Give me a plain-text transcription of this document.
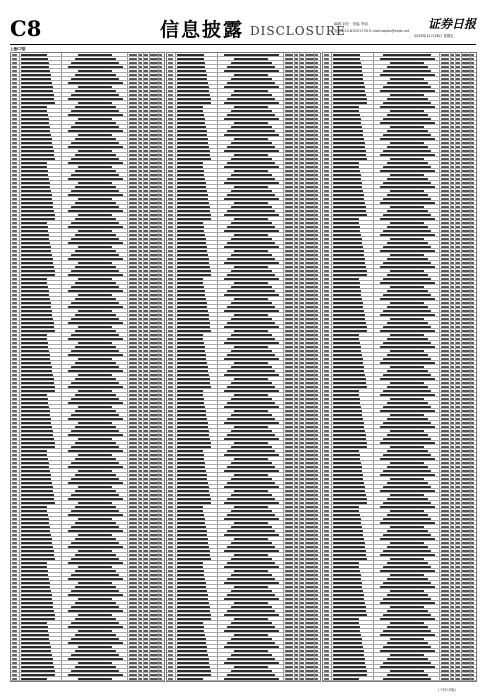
C8	信息披露 DISCLOSURE
编辑 刘光 · 美编 李丽
电话:010-83251730 E-mail:zqsbs@zqrb.net 证券日报
2025年11月28日 星期五
上接C7版
(下转C9版)
